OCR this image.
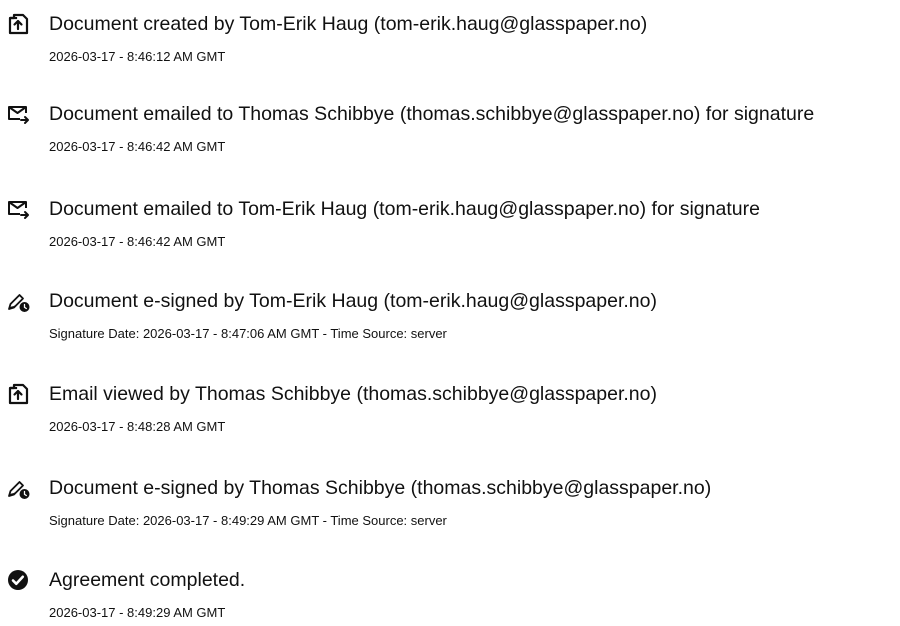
Document created by Tom-Erik Haug (tom-erik.haug@glasspaper.no)
2026-03-17 - 8:46:12 AM GMT
Document emailed to Thomas Schibbye (thomas.schibbye@glasspaper.no) for signature
2026-03-17 - 8:46:42 AM GMT
Document emailed to Tom-Erik Haug (tom-erik.haug@glasspaper.no) for signature
2026-03-17 - 8:46:42 AM GMT
Document e-signed by Tom-Erik Haug (tom-erik.haug@glasspaper.no)
Signature Date: 2026-03-17 - 8:47:06 AM GMT - Time Source: server
Email viewed by Thomas Schibbye (thomas.schibbye@glasspaper.no)
2026-03-17 - 8:48:28 AM GMT
Document e-signed by Thomas Schibbye (thomas.schibbye@glasspaper.no)
Signature Date: 2026-03-17 - 8:49:29 AM GMT - Time Source: server
Agreement completed.
2026-03-17 - 8:49:29 AM GMT
